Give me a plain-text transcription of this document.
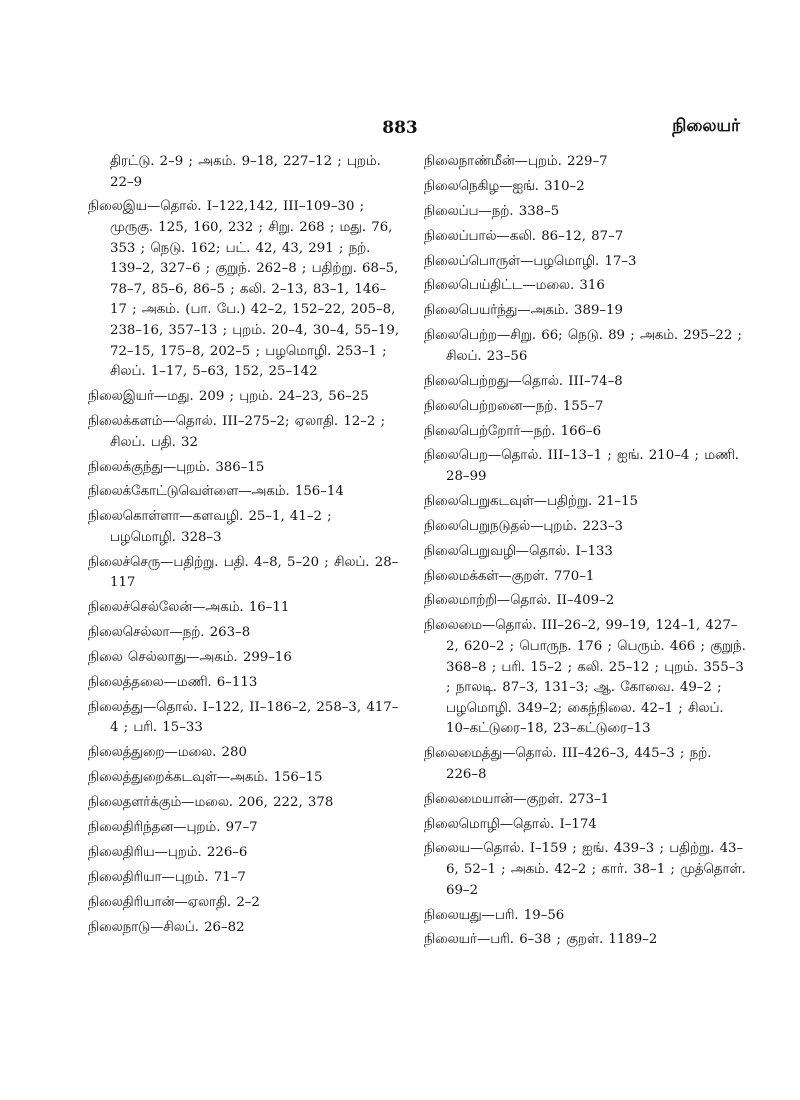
883	நிலையர்

திரட்டு. 2–9 ; அகம். 9–18, 227–12 ; புறம். 22–9

நிலைஇய—தொல். I–122,142, III–109–30 ; முருகு. 125, 160, 232 ; சிறு. 268 ; மது. 76, 353 ; நெடு. 162; பட். 42, 43, 291 ; நற். 139–2, 327–6 ; குறுந். 262–8 ; பதிற்று. 68–5, 78–7, 85–6, 86–5 ; கலி. 2–13, 83–1, 146–17 ; அகம். (பா. பே.) 42–2, 152–22, 205–8, 238–16, 357–13 ; புறம். 20–4, 30–4, 55–19, 72–15, 175–8, 202–5 ; பழமொழி. 253–1 ; சிலப். 1–17, 5–63, 152, 25–142

நிலைஇயர்—மது. 209 ; புறம். 24–23, 56–25

நிலைக்களம்—தொல். III–275–2; ஏலாதி. 12–2 ; சிலப். பதி. 32

நிலைக்குந்து—புறம். 386–15

நிலைக்கோட்டுவெள்ளை—அகம். 156–14

நிலைகொள்ளா—களவழி. 25–1, 41–2 ; பழமொழி. 328–3

நிலைச்செரு—பதிற்று. பதி. 4–8, 5–20 ; சிலப். 28–117

நிலைச்செல்லேன்—அகம். 16–11

நிலைசெல்லா—நற். 263–8

நிலை செல்லாது—அகம். 299–16

நிலைத்தலை—மணி. 6–113

நிலைத்து—தொல். I–122, II–186–2, 258–3, 417–4 ; பரி. 15–33

நிலைத்துறை—மலை. 280

நிலைத்துறைக்கடவுள்—அகம். 156–15

நிலைதளர்க்கும்—மலை. 206, 222, 378

நிலைதிரிந்தன—புறம். 97–7

நிலைதிரிய—புறம். 226–6

நிலைதிரியா—புறம். 71–7

நிலைதிரியான்—ஏலாதி. 2–2

நிலைநாடு—சிலப். 26–82

நிலைநாண்மீன்—புறம். 229–7

நிலைநெகிழ—ஐங். 310–2

நிலைப்ப—நற். 338–5

நிலைப்பால்—கலி. 86–12, 87–7

நிலைப்பொருள்—பழமொழி. 17–3

நிலைபெய்திட்ட—மலை. 316

நிலைபெயர்ந்து—அகம். 389–19

நிலைபெற்ற—சிறு. 66; நெடு. 89 ; அகம். 295–22 ; சிலப். 23–56

நிலைபெற்றது—தொல். III–74–8

நிலைபெற்றனை—நற். 155–7

நிலைபெற்றோர்—நற். 166–6

நிலைபெற—தொல். III–13–1 ; ஐங். 210–4 ; மணி. 28–99

நிலைபெறுகடவுள்—பதிற்று. 21–15

நிலைபெறுநடுதல்—புறம். 223–3

நிலைபெறுவழி—தொல். I–133

நிலைமக்கள்—குறள். 770–1

நிலைமாற்றி—தொல். II–409–2

நிலைமை—தொல். III–26–2, 99–19, 124–1, 427–2, 620–2 ; பொருந. 176 ; பெரும். 466 ; குறுந். 368–8 ; பரி. 15–2 ; கலி. 25–12 ; புறம். 355–3 ; நாலடி. 87–3, 131–3; ஆ. கோவை. 49–2 ; பழமொழி. 349–2; கைந்நிலை. 42–1 ; சிலப். 10–கட்டுரை–18, 23–கட்டுரை–13

நிலைமைத்து—தொல். III–426–3, 445–3 ; நற். 226–8

நிலைமையான்—குறள். 273–1

நிலைமொழி—தொல். I–174

நிலைய—தொல். I–159 ; ஐங். 439–3 ; பதிற்று. 43–6, 52–1 ; அகம். 42–2 ; கார். 38–1 ; முத்தொள். 69–2

நிலையது—பரி. 19–56

நிலையர்—பரி. 6–38 ; குறள். 1189–2
